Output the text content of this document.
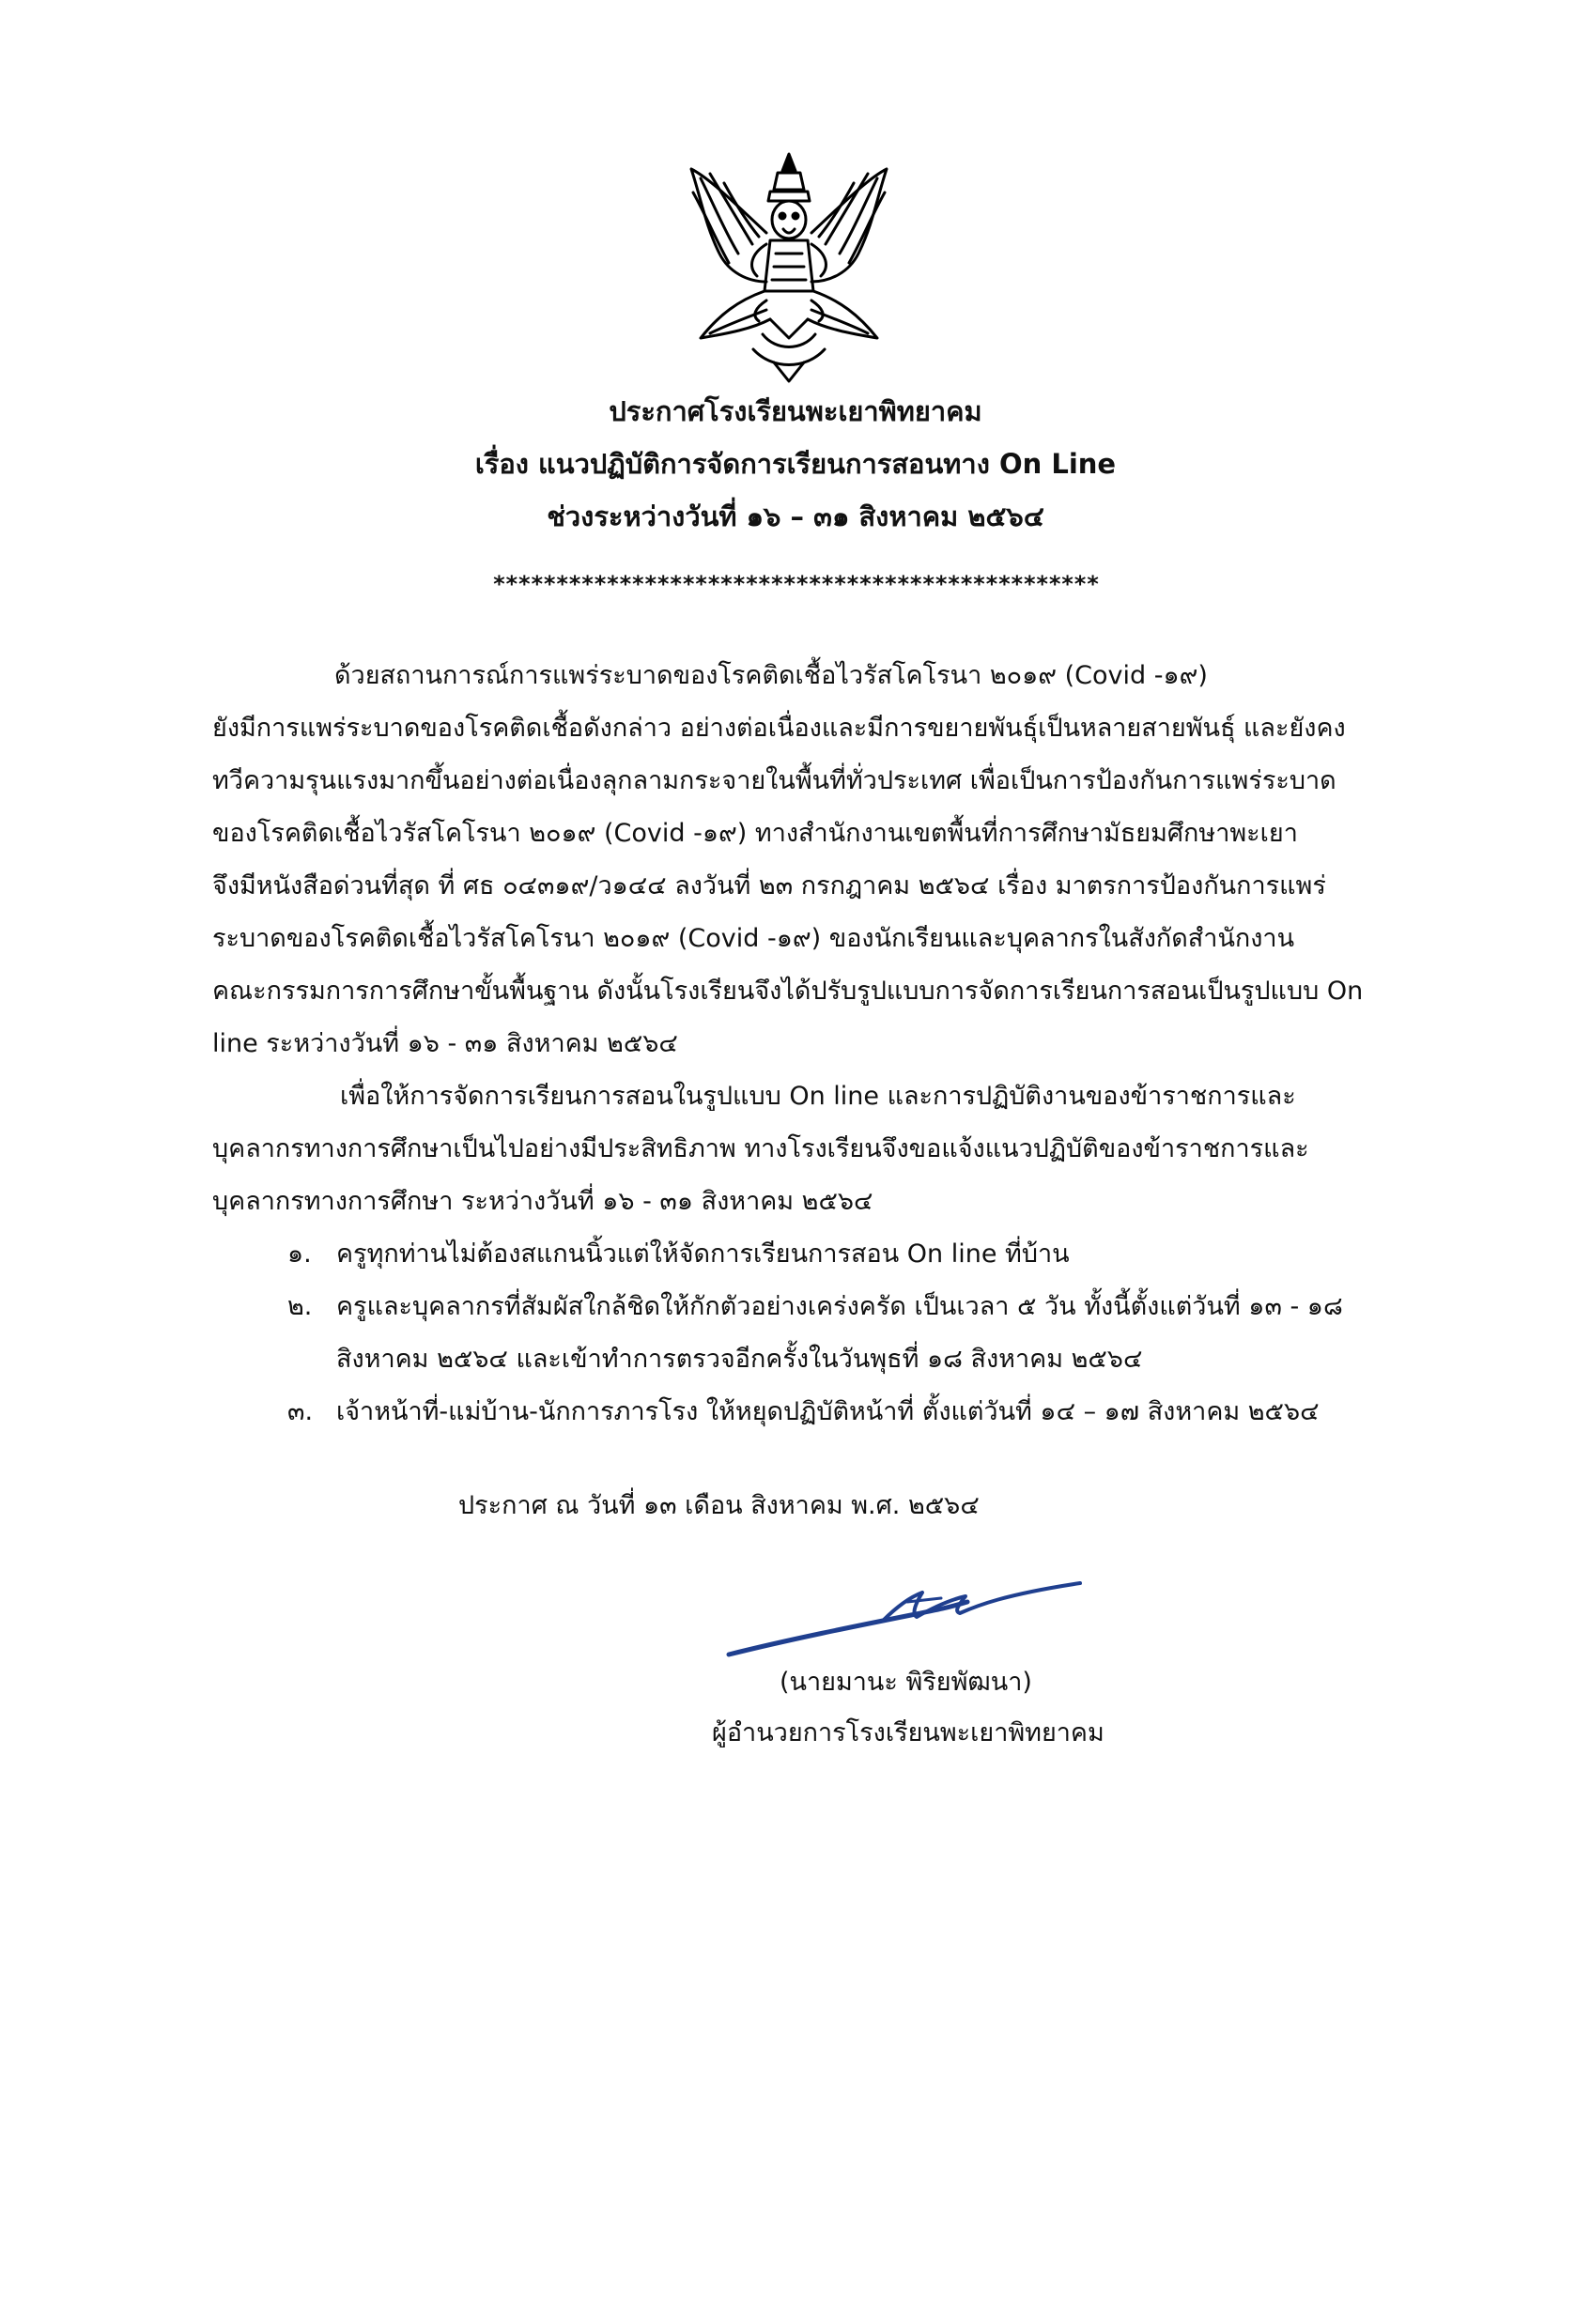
ประกาศโรงเรียนพะเยาพิทยาคม
เรื่อง แนวปฏิบัติการจัดการเรียนการสอนทาง On Line
ช่วงระหว่างวันที่ ๑๖ – ๓๑ สิงหาคม ๒๕๖๔
************************************************
ด้วยสถานการณ์การแพร่ระบาดของโรคติดเชื้อไวรัสโคโรนา ๒๐๑๙ (Covid -๑๙)
ยังมีการแพร่ระบาดของโรคติดเชื้อดังกล่าว อย่างต่อเนื่องและมีการขยายพันธุ์เป็นหลายสายพันธุ์ และยังคง
ทวีความรุนแรงมากขึ้นอย่างต่อเนื่องลุกลามกระจายในพื้นที่ทั่วประเทศ เพื่อเป็นการป้องกันการแพร่ระบาด
ของโรคติดเชื้อไวรัสโคโรนา ๒๐๑๙ (Covid -๑๙) ทางสำนักงานเขตพื้นที่การศึกษามัธยมศึกษาพะเยา
จึงมีหนังสือด่วนที่สุด ที่ ศธ ๐๔๓๑๙/ว๑๔๔ ลงวันที่ ๒๓ กรกฎาคม ๒๕๖๔ เรื่อง มาตรการป้องกันการแพร่
ระบาดของโรคติดเชื้อไวรัสโคโรนา ๒๐๑๙ (Covid -๑๙) ของนักเรียนและบุคลากรในสังกัดสำนักงาน
คณะกรรมการการศึกษาขั้นพื้นฐาน ดังนั้นโรงเรียนจึงได้ปรับรูปแบบการจัดการเรียนการสอนเป็นรูปแบบ On
line ระหว่างวันที่ ๑๖ - ๓๑ สิงหาคม ๒๕๖๔
เพื่อให้การจัดการเรียนการสอนในรูปแบบ On line และการปฏิบัติงานของข้าราชการและ
บุคลากรทางการศึกษาเป็นไปอย่างมีประสิทธิภาพ ทางโรงเรียนจึงขอแจ้งแนวปฏิบัติของข้าราชการและ
บุคลากรทางการศึกษา ระหว่างวันที่ ๑๖ - ๓๑ สิงหาคม ๒๕๖๔
๑. ครูทุกท่านไม่ต้องสแกนนิ้วแต่ให้จัดการเรียนการสอน On line ที่บ้าน
๒. ครูและบุคลากรที่สัมผัสใกล้ชิดให้กักตัวอย่างเคร่งครัด เป็นเวลา ๕ วัน ทั้งนี้ตั้งแต่วันที่ ๑๓ - ๑๘
สิงหาคม ๒๕๖๔ และเข้าทำการตรวจอีกครั้งในวันพุธที่ ๑๘ สิงหาคม ๒๕๖๔
๓. เจ้าหน้าที่-แม่บ้าน-นักการภารโรง ให้หยุดปฏิบัติหน้าที่ ตั้งแต่วันที่ ๑๔ – ๑๗ สิงหาคม ๒๕๖๔
ประกาศ ณ วันที่ ๑๓ เดือน สิงหาคม พ.ศ. ๒๕๖๔
(นายมานะ พิริยพัฒนา)
ผู้อำนวยการโรงเรียนพะเยาพิทยาคม
